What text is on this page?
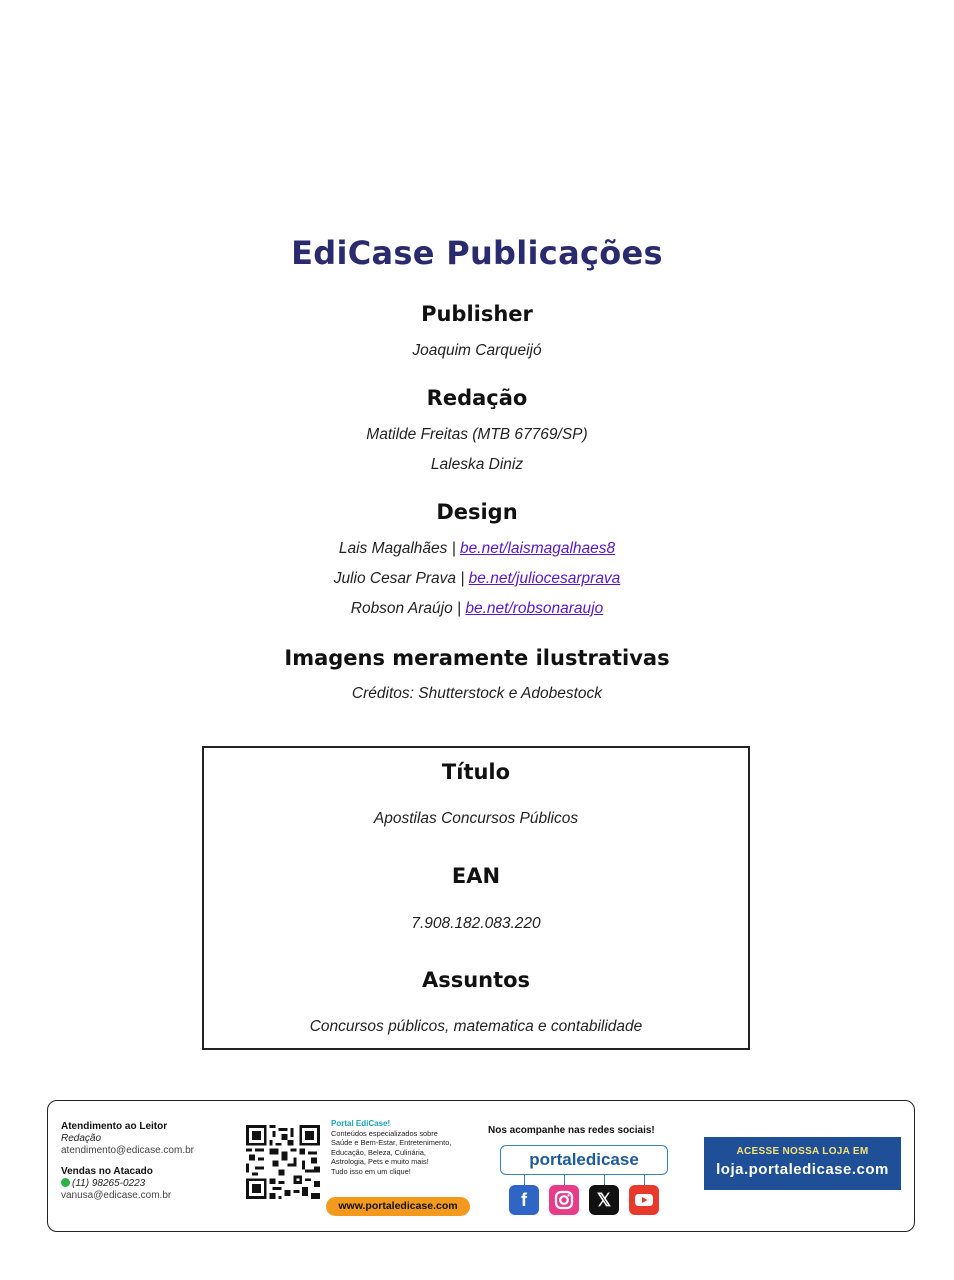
EdiCase Publicações
Publisher
Joaquim Carqueijó
Redação
Matilde Freitas (MTB 67769/SP)
Laleska Diniz
Design
Lais Magalhães | be.net/laismagalhaes8
Julio Cesar Prava | be.net/juliocesarprava
Robson Araújo | be.net/robsonaraujo
Imagens meramente ilustrativas
Créditos: Shutterstock e Adobestock
Título
Apostilas Concursos Públicos
EAN
7.908.182.083.220
Assuntos
Concursos públicos, matematica e contabilidade
Atendimento ao Leitor
Redação
atendimento@edicase.com.br
Vendas no Atacado
(11) 98265-0223
vanusa@edicase.com.br
Portal EdiCase!
Conteúdos especializados sobre
Saúde e Bem-Estar, Entretenimento,
Educação, Beleza, Culinária,
Astrologia, Pets e muito mais!
Tudo isso em um clique!
www.portaledicase.com
Nos acompanhe nas redes sociais!
portaledicase
f	𝕏
ACESSE NOSSA LOJA EM
loja.portaledicase.com
